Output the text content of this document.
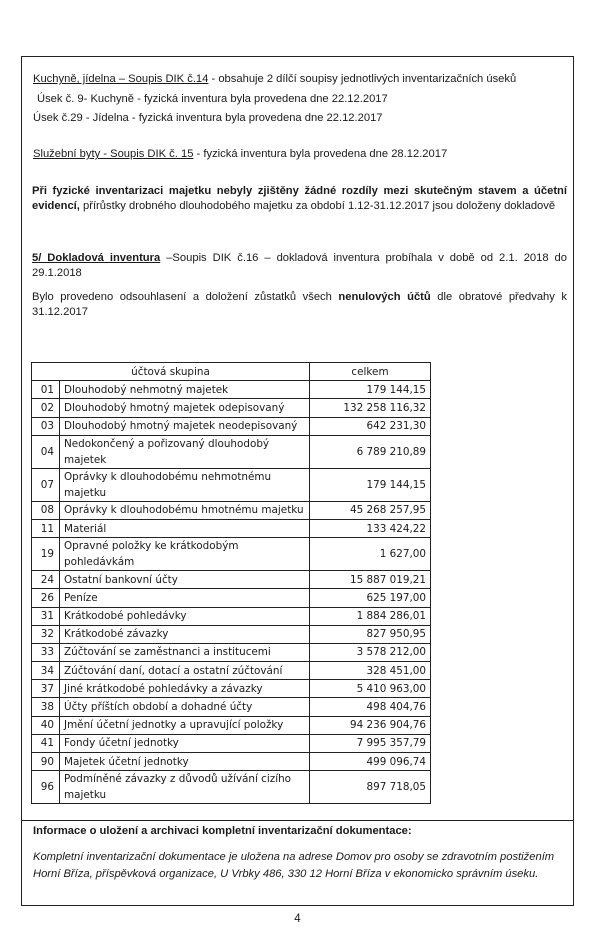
Kuchyně, jídelna – Soupis DIK č.14 - obsahuje 2 dílčí soupisy jednotlivých inventarizačních úseků
Úsek č. 9- Kuchyně - fyzická inventura byla provedena dne 22.12.2017
Úsek č.29 - Jídelna - fyzická inventura byla provedena dne 22.12.2017
Služební byty - Soupis DIK č. 15 - fyzická inventura byla provedena dne 28.12.2017
Při fyzické inventarizaci majetku nebyly zjištěny žádné rozdíly mezi skutečným stavem a účetní evidencí, přírůstky drobného dlouhodobého majetku za období 1.12-31.12.2017 jsou doloženy dokladově
5/ Dokladová inventura –Soupis DIK č.16 – dokladová inventura probíhala v době od 2.1. 2018 do 29.1.2018
Bylo provedeno odsouhlasení a doložení zůstatků všech nenulových účtů dle obratové předvahy k 31.12.2017
účtová skupina		celkem
01	Dlouhodobý nehmotný majetek	179 144,15
02	Dlouhodobý hmotný majetek odepisovaný	132 258 116,32
03	Dlouhodobý hmotný majetek neodepisovaný	642 231,30
04	Nedokončený a pořizovaný dlouhodobý majetek	6 789 210,89
07	Oprávky k dlouhodobému nehmotnému majetku	179 144,15
08	Oprávky k dlouhodobému hmotnému majetku	45 268 257,95
11	Materiál	133 424,22
19	Opravné položky ke krátkodobým pohledávkám	1 627,00
24	Ostatní bankovní účty	15 887 019,21
26	Peníze	625 197,00
31	Krátkodobé pohledávky	1 884 286,01
32	Krátkodobé závazky	827 950,95
33	Zúčtování se zaměstnanci a institucemi	3 578 212,00
34	Zúčtování daní, dotací a ostatní zúčtování	328 451,00
37	Jiné krátkodobé pohledávky a závazky	5 410 963,00
38	Účty příštích období a dohadné účty	498 404,76
40	Jmění účetní jednotky a upravující položky	94 236 904,76
41	Fondy účetní jednotky	7 995 357,79
90	Majetek účetní jednotky	499 096,74
96	Podmíněné závazky z důvodů užívání cizího majetku	897 718,05
Informace o uložení a archivaci kompletní inventarizační dokumentace:
Kompletní inventarizační dokumentace je uložena na adrese Domov pro osoby se zdravotním postižením Horní Bříza, příspěvková organizace, U Vrbky 486, 330 12 Horní Bříza v ekonomicko správním úseku.
4
